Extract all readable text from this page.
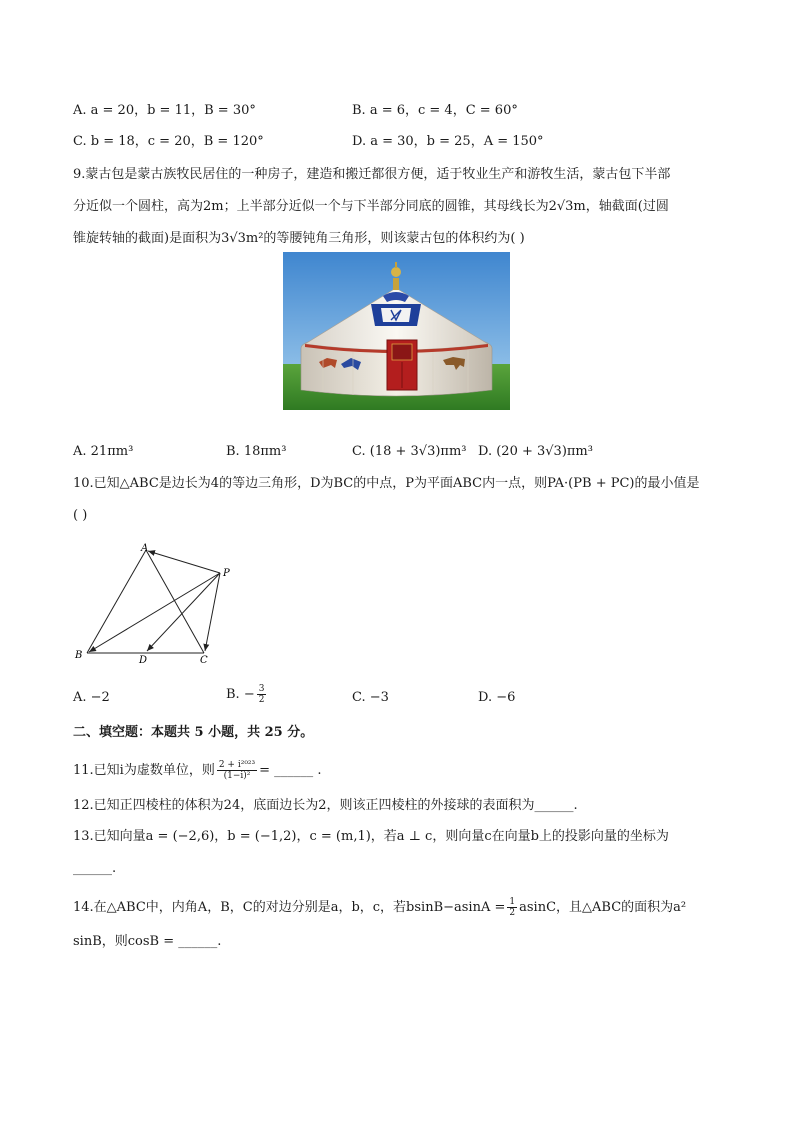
A. a = 20，b = 11，B = 30°	B. a = 6，c = 4，C = 60°
C. b = 18，c = 20，B = 120°	D. a = 30，b = 25，A = 150°
9.蒙古包是蒙古族牧民居住的一种房子，建造和搬迁都很方便，适于牧业生产和游牧生活，蒙古包下半部
分近似一个圆柱，高为2m；上半部分近似一个与下半部分同底的圆锥，其母线长为2√3m，轴截面(过圆
锥旋转轴的截面)是面积为3√3m²的等腰钝角三角形，则该蒙古包的体积约为( )
A. 21πm³	B. 18πm³	C. (18 + 3√3)πm³ D. (20 + 3√3)πm³
10.已知△ABC是边长为4的等边三角形，D为BC的中点，P为平面ABC内一点，则PA·(PB + PC)的最小值是
( )
A
B	D	C
P
A. −2	B. − $\frac{3}{2}$	C. −3	D. −6
二、填空题：本题共 5 小题，共 25 分。
11.已知i为虚数单位，则 $\frac{\text{2 + i²⁰²³}}{\text{(1−i)²}}$ = ______ .
12.已知正四棱柱的体积为24，底面边长为2，则该正四棱柱的外接球的表面积为______.
13.已知向量a = (−2,6)，b = (−1,2)，c = (m,1)，若a ⊥ c，则向量c在向量b上的投影向量的坐标为
______.
14.在△ABC中，内角A，B，C的对边分别是a，b，c，若$bsinB-asinA = \frac{1}{2}$ asinC，且△ABC的面积为a²
sinB，则cosB = ______.
